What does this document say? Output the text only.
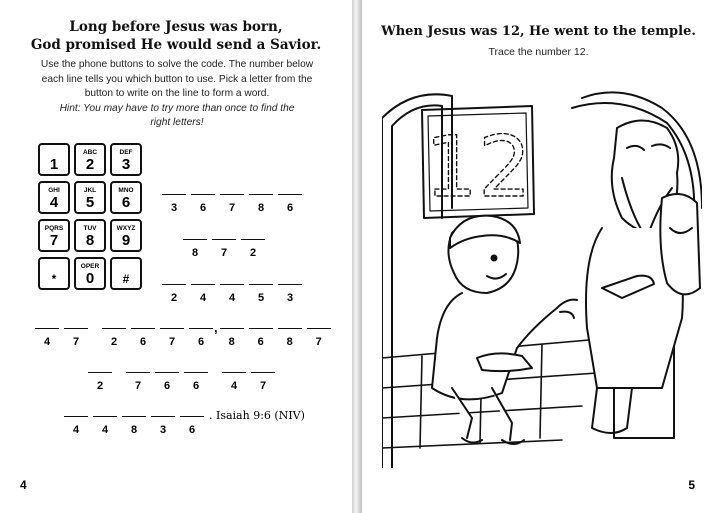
Long before Jesus was born,
God promised He would send a Savior.
Use the phone buttons to solve the code. The number below
each line tells you which button to use. Pick a letter from the
button to write on the line to form a word.
Hint: You may have to try more than once to find the
right letters!
1
ABC
2
DEF
3
GHI
4
JKL
5
MNO
6
PQRS
7
TUV
8
WXYZ
9
*
OPER
0	#
3	6	7	8	6
8	7	2
2	4	4	5	3
4	7	2	6	7	6
,
8	6	8	7
2	7	6	6	4	7
4	4	8	3	6
. Isaiah 9:6 (NIV)
4
When Jesus was 12, He went to the temple.
Trace the number 12.
12
5
